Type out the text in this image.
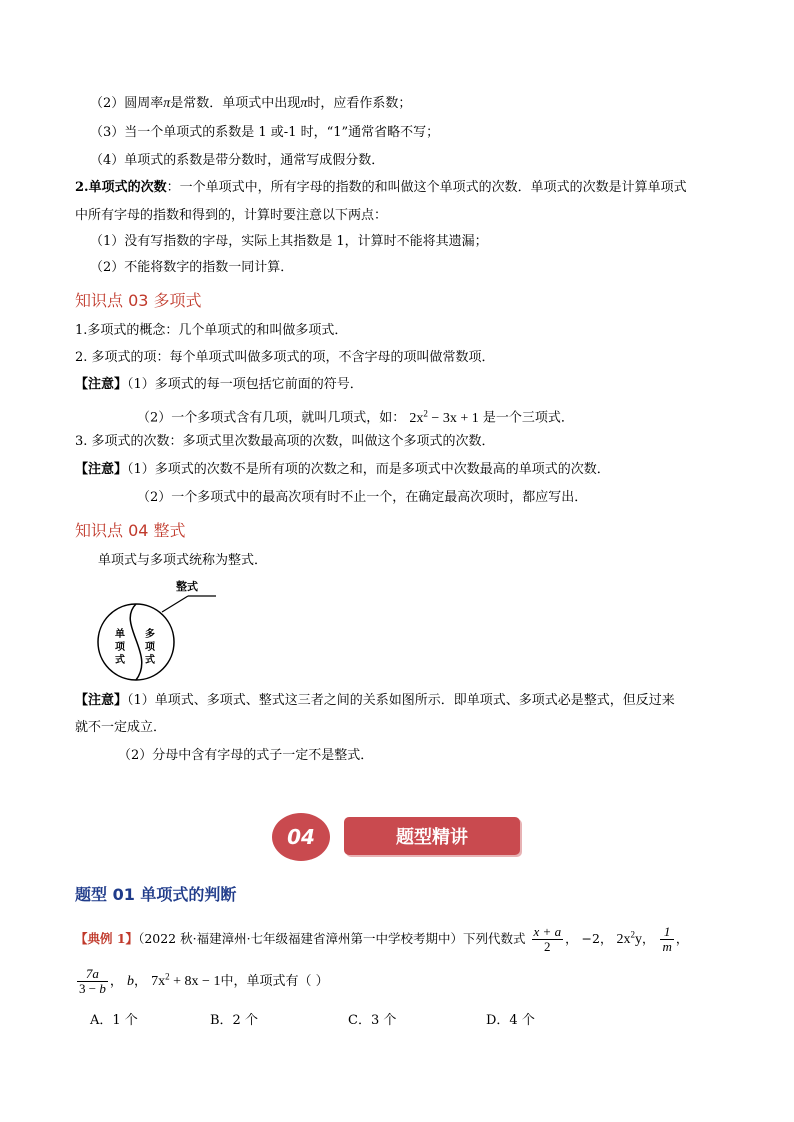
（2）圆周率π是常数．单项式中出现π时，应看作系数；
（3）当一个单项式的系数是 1 或-1 时，“1”通常省略不写；
（4）单项式的系数是带分数时，通常写成假分数．
2.单项式的次数：一个单项式中，所有字母的指数的和叫做这个单项式的次数．单项式的次数是计算单项式
中所有字母的指数和得到的，计算时要注意以下两点：
（1）没有写指数的字母，实际上其指数是 1，计算时不能将其遗漏；
（2）不能将数字的指数一同计算．
知识点 03 多项式
1.多项式的概念：几个单项式的和叫做多项式．
2. 多项式的项：每个单项式叫做多项式的项，不含字母的项叫做常数项．
【注意】（1）多项式的每一项包括它前面的符号．
（2）一个多项式含有几项，就叫几项式，如： $2x^2 - 3x + 1$ 是一个三项式．
3. 多项式的次数：多项式里次数最高项的次数，叫做这个多项式的次数．
【注意】（1）多项式的次数不是所有项的次数之和，而是多项式中次数最高的单项式的次数．
（2）一个多项式中的最高次项有时不止一个，在确定最高次项时，都应写出．
知识点 04 整式
单项式与多项式统称为整式．
整式
单
项
式
多
项
式
【注意】（1）单项式、多项式、整式这三者之间的关系如图所示．即单项式、多项式必是整式，但反过来
就不一定成立．
（2）分母中含有字母的式子一定不是整式．
04	题型精讲
题型 01 单项式的判断
【典例 1】（2022 秋·福建漳州·七年级福建省漳州第一中学校考期中）下列代数式 $\frac{x + a}{2}$ ， −2， $2x^2y$， $\frac{1}{m}$ ，
$\frac{7a}{3 - b}$ ， b， $7x^2 + 8x - 1$中，单项式有（ ）
A．1 个	B．2 个	C．3 个	D．4 个
